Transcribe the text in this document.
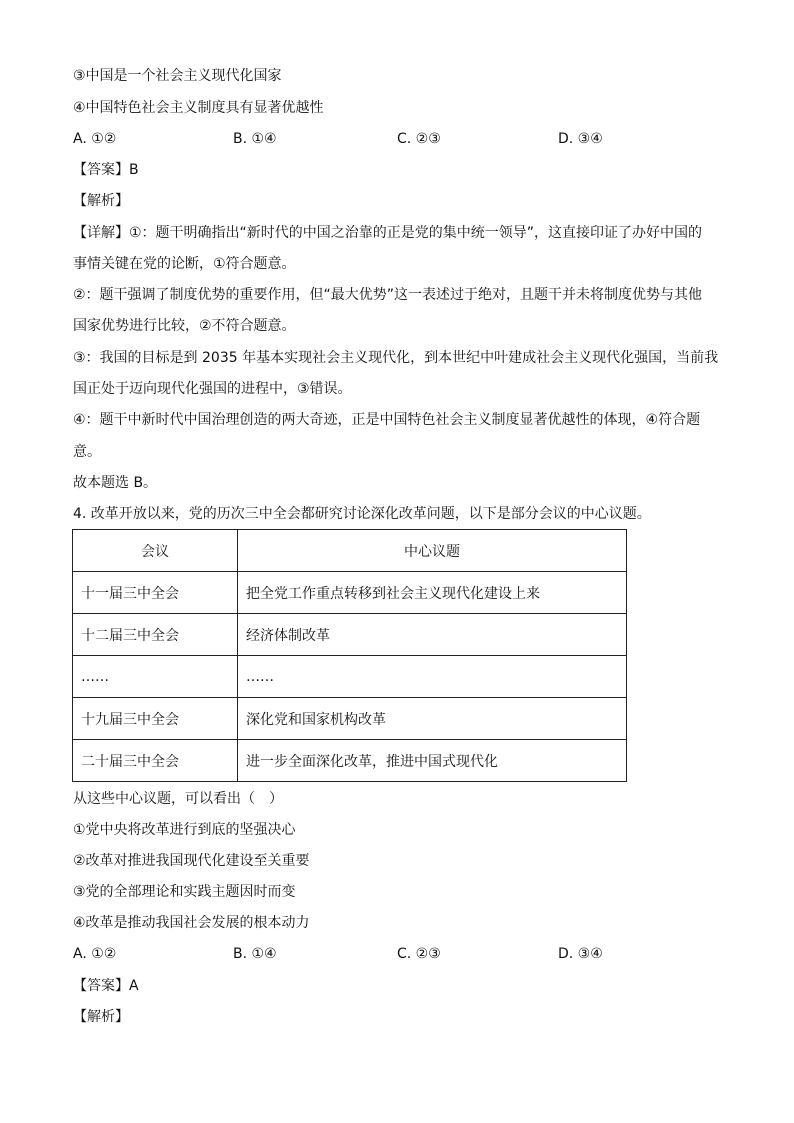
③中国是一个社会主义现代化国家
④中国特色社会主义制度具有显著优越性
A. ①②	B. ①④	C. ②③	D. ③④
【答案】B
【解析】
【详解】①：题干明确指出“新时代的中国之治靠的正是党的集中统一领导”，这直接印证了办好中国的
事情关键在党的论断，①符合题意。
②：题干强调了制度优势的重要作用，但“最大优势”这一表述过于绝对，且题干并未将制度优势与其他
国家优势进行比较，②不符合题意。
③：我国的目标是到 2035 年基本实现社会主义现代化，到本世纪中叶建成社会主义现代化强国，当前我
国正处于迈向现代化强国的进程中，③错误。
④：题干中新时代中国治理创造的两大奇迹，正是中国特色社会主义制度显著优越性的体现，④符合题
意。
故本题选 B。
4. 改革开放以来，党的历次三中全会都研究讨论深化改革问题，以下是部分会议的中心议题。
会议	中心议题
十一届三中全会	把全党工作重点转移到社会主义现代化建设上来
十二届三中全会	经济体制改革
……	……
十九届三中全会	深化党和国家机构改革
二十届三中全会	进一步全面深化改革，推进中国式现代化
从这些中心议题，可以看出（　）
①党中央将改革进行到底的坚强决心
②改革对推进我国现代化建设至关重要
③党的全部理论和实践主题因时而变
④改革是推动我国社会发展的根本动力
A. ①②	B. ①④	C. ②③	D. ③④
【答案】A
【解析】
